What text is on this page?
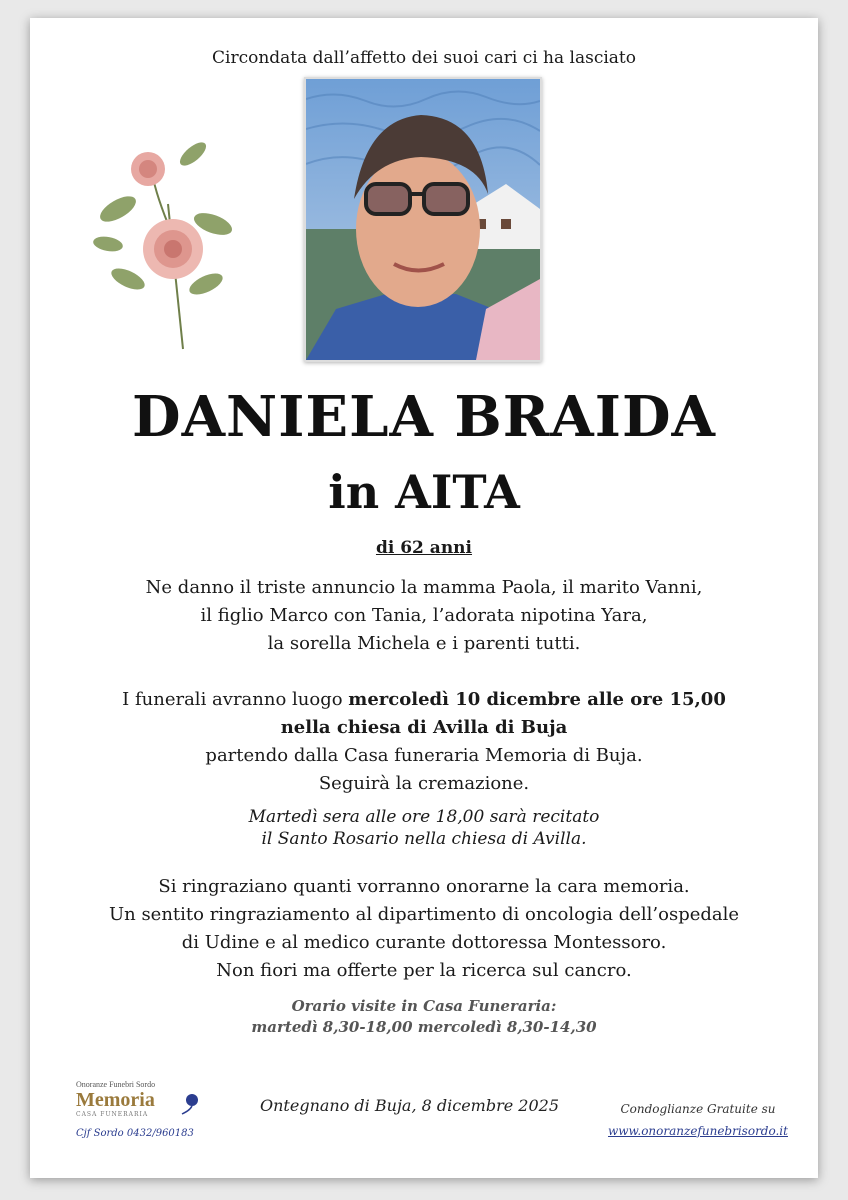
Circondata dall’affetto dei suoi cari ci ha lasciato
DANIELA BRAIDA
in AITA
di 62 anni
Ne danno il triste annuncio la mamma Paola, il marito Vanni,
il figlio Marco con Tania, l’adorata nipotina Yara,
la sorella Michela e i parenti tutti.
I funerali avranno luogo mercoledì 10 dicembre alle ore 15,00
nella chiesa di Avilla di Buja
partendo dalla Casa funeraria Memoria di Buja.
Seguirà la cremazione.
Martedì sera alle ore 18,00 sarà recitato
il Santo Rosario nella chiesa di Avilla.
Si ringraziano quanti vorranno onorarne la cara memoria.
Un sentito ringraziamento al dipartimento di oncologia dell’ospedale
di Udine e al medico curante dottoressa Montessoro.
Non fiori ma offerte per la ricerca sul cancro.
Orario visite in Casa Funeraria:
martedì 8,30-18,00 mercoledì 8,30-14,30
Onoranze Funebri Sordo
Memoria
CASA FUNERARIA
Cjf Sordo 0432/960183
Ontegnano di Buja, 8 dicembre 2025	Condoglianze Gratuite su
www.onoranzefunebrisordo.it
